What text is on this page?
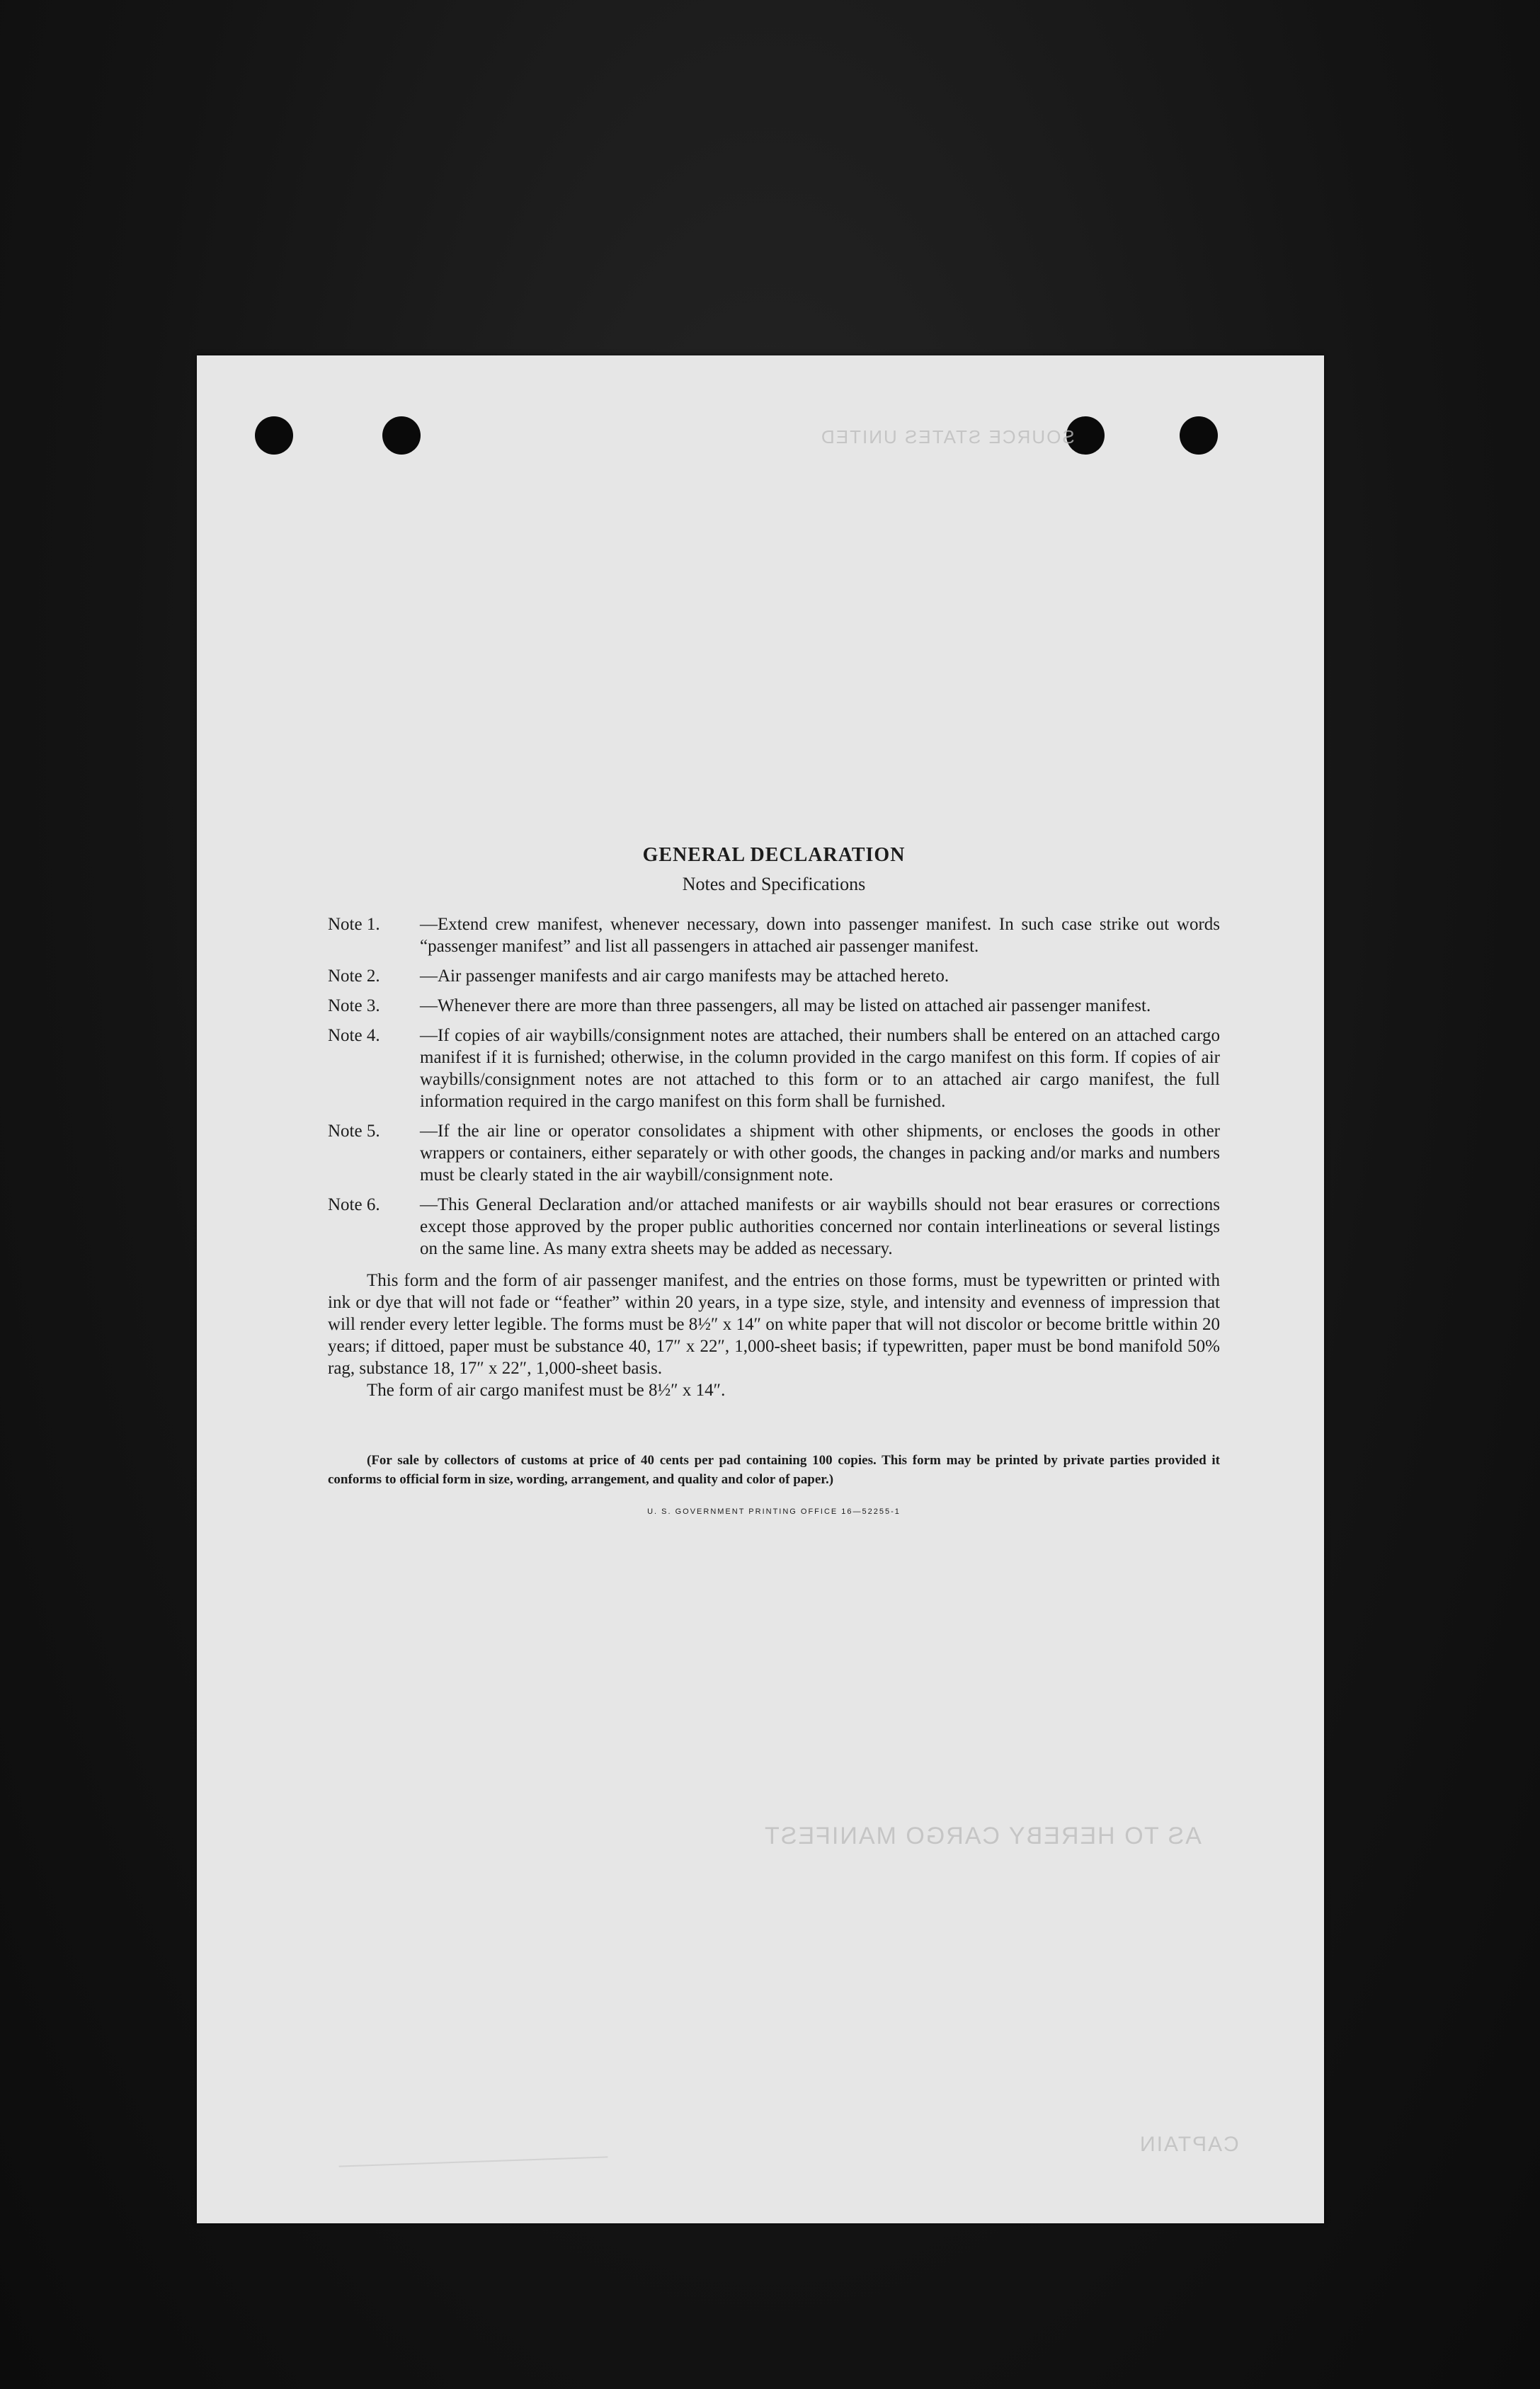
SOURCE STATES UNITED
AS TO HEREBY CARGO MANIFEST
CAPTAIN
GENERAL DECLARATION
Notes and Specifications
Note 1.	—Extend crew manifest, whenever necessary, down into passenger manifest. In such case strike out words “passenger manifest” and list all passengers in attached air passenger manifest.
Note 2.	—Air passenger manifests and air cargo manifests may be attached hereto.
Note 3.	—Whenever there are more than three passengers, all may be listed on attached air passenger manifest.
Note 4.	—If copies of air waybills/consignment notes are attached, their numbers shall be entered on an attached cargo manifest if it is furnished; otherwise, in the column provided in the cargo manifest on this form. If copies of air waybills/consignment notes are not attached to this form or to an attached air cargo manifest, the full information required in the cargo manifest on this form shall be furnished.
Note 5.	—If the air line or operator consolidates a shipment with other shipments, or encloses the goods in other wrappers or containers, either separately or with other goods, the changes in packing and/or marks and numbers must be clearly stated in the air waybill/consignment note.
Note 6.	—This General Declaration and/or attached manifests or air waybills should not bear erasures or corrections except those approved by the proper public authorities concerned nor contain interlineations or several listings on the same line. As many extra sheets may be added as necessary.

This form and the form of air passenger manifest, and the entries on those forms, must be typewritten or printed with ink or dye that will not fade or “feather” within 20 years, in a type size, style, and intensity and evenness of impression that will render every letter legible. The forms must be 8½″ x 14″ on white paper that will not discolor or become brittle within 20 years; if dittoed, paper must be substance 40, 17″ x 22″, 1,000-sheet basis; if typewritten, paper must be bond manifold 50% rag, substance 18, 17″ x 22″, 1,000-sheet basis.

The form of air cargo manifest must be 8½″ x 14″.

(For sale by collectors of customs at price of 40 cents per pad containing 100 copies. This form may be printed by private parties provided it conforms to official form in size, wording, arrangement, and quality and color of paper.)

U. S. GOVERNMENT PRINTING OFFICE 16—52255-1
